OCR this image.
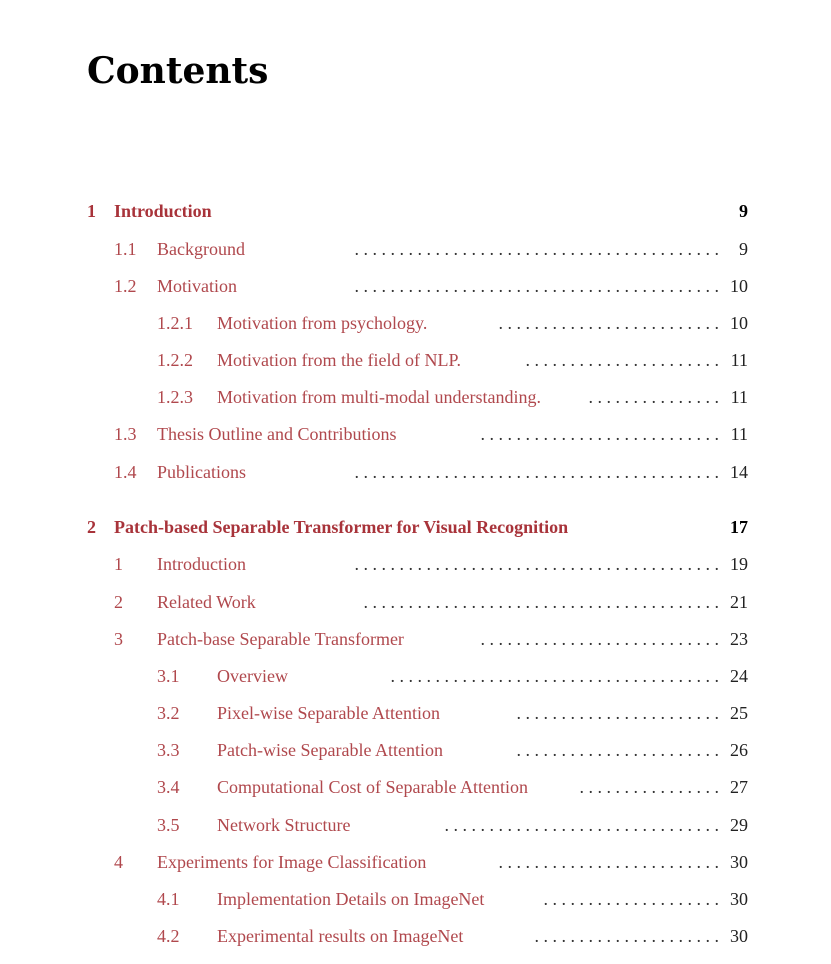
Contents
1 Introduction	9
1.1 Background	. . . . . . . . . . . . . . . . . . . . . . . . . . . . . . . . . . . . . . . . . 9
1.2 Motivation	. . . . . . . . . . . . . . . . . . . . . . . . . . . . . . . . . . . . . . . . . 10
1.2.1 Motivation from psychology.	. . . . . . . . . . . . . . . . . . . . . . . . . 10
1.2.2 Motivation from the field of NLP.	. . . . . . . . . . . . . . . . . . . . . . 11
1.2.3 Motivation from multi-modal understanding.	. . . . . . . . . . . . . . . 11
1.3 Thesis Outline and Contributions	. . . . . . . . . . . . . . . . . . . . . . . . . . . 11
1.4 Publications	. . . . . . . . . . . . . . . . . . . . . . . . . . . . . . . . . . . . . . . . . 14
2 Patch-based Separable Transformer for Visual Recognition	17
1 Introduction	. . . . . . . . . . . . . . . . . . . . . . . . . . . . . . . . . . . . . . . . . 19
2 Related Work	. . . . . . . . . . . . . . . . . . . . . . . . . . . . . . . . . . . . . . . . 21
3 Patch-base Separable Transformer	. . . . . . . . . . . . . . . . . . . . . . . . . . . 23
3.1 Overview	. . . . . . . . . . . . . . . . . . . . . . . . . . . . . . . . . . . . . 24
3.2 Pixel-wise Separable Attention	. . . . . . . . . . . . . . . . . . . . . . . 25
3.3 Patch-wise Separable Attention	. . . . . . . . . . . . . . . . . . . . . . . 26
3.4 Computational Cost of Separable Attention	. . . . . . . . . . . . . . . . 27
3.5 Network Structure	. . . . . . . . . . . . . . . . . . . . . . . . . . . . . . . 29
4 Experiments for Image Classification	. . . . . . . . . . . . . . . . . . . . . . . . . 30
4.1 Implementation Details on ImageNet	. . . . . . . . . . . . . . . . . . . . 30
4.2 Experimental results on ImageNet	. . . . . . . . . . . . . . . . . . . . . 30
